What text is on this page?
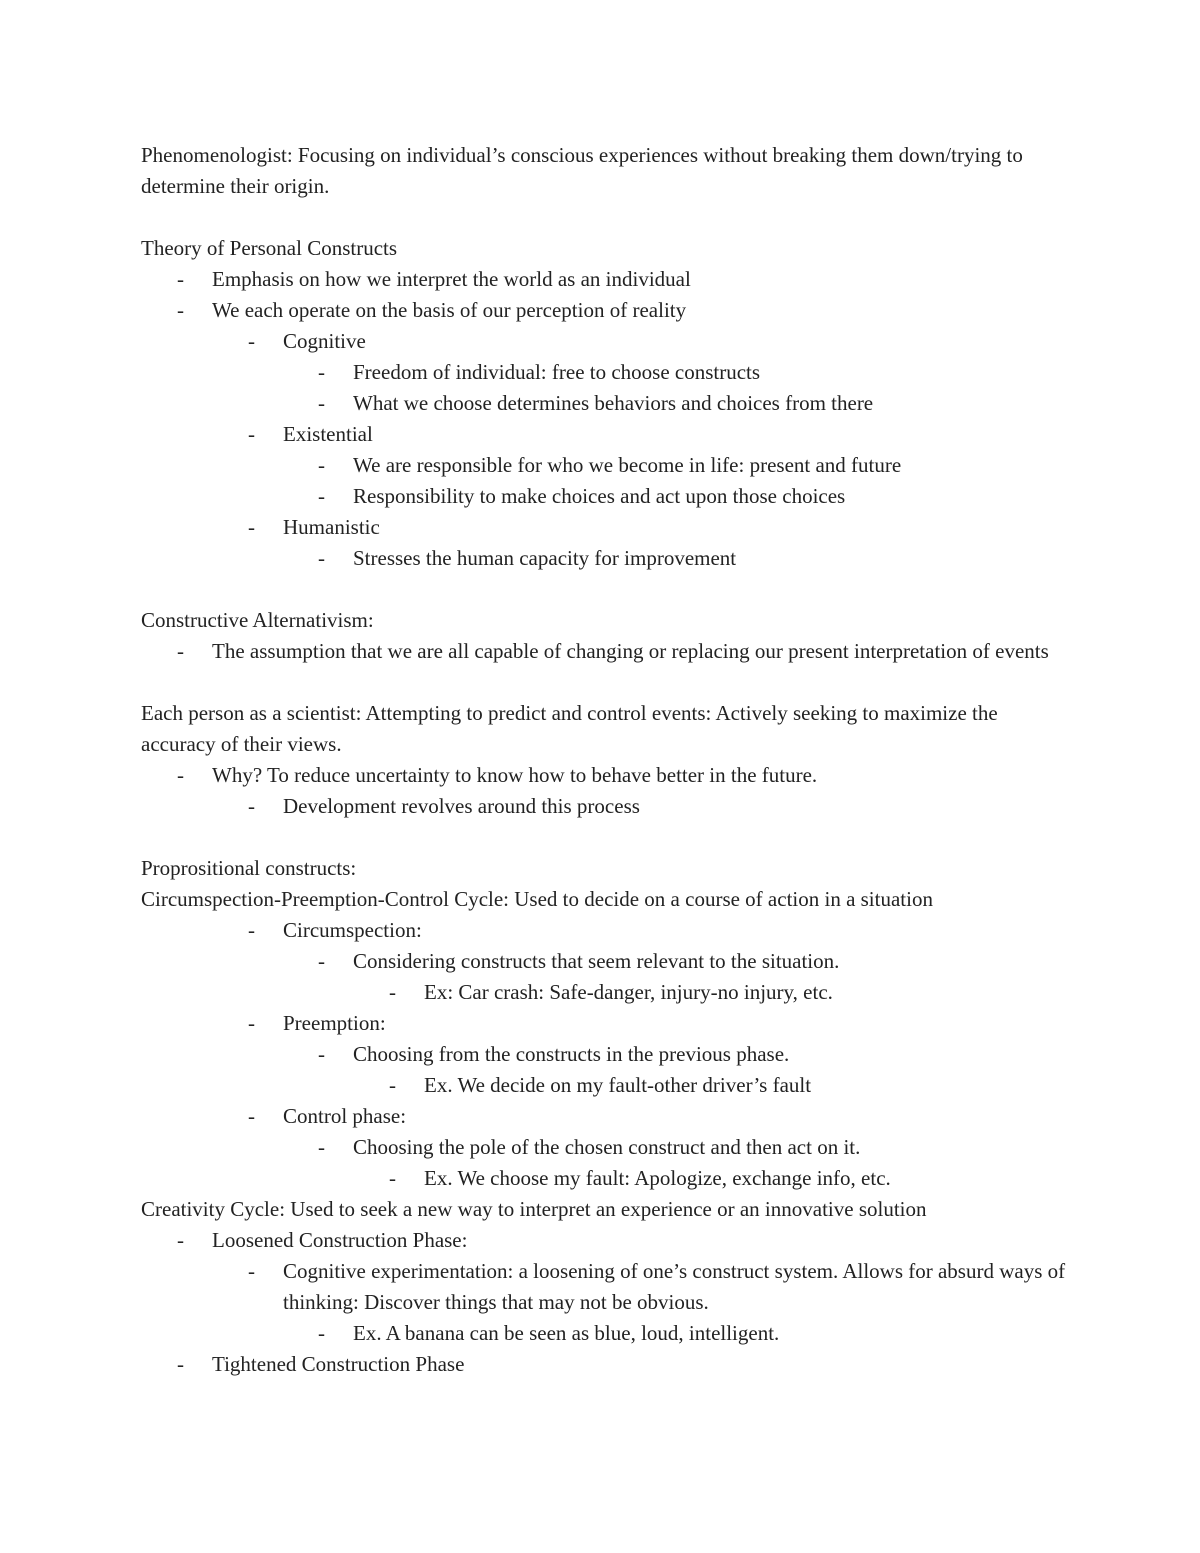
Phenomenologist: Focusing on individual’s conscious experiences without breaking them down/trying to determine their origin.

Theory of Personal Constructs

- Emphasis on how we interpret the world as an individual

- We each operate on the basis of our perception of reality

- Cognitive

- Freedom of individual: free to choose constructs

- What we choose determines behaviors and choices from there

- Existential

- We are responsible for who we become in life: present and future

- Responsibility to make choices and act upon those choices

- Humanistic

- Stresses the human capacity for improvement

Constructive Alternativism:

- The assumption that we are all capable of changing or replacing our present interpretation of events

Each person as a scientist: Attempting to predict and control events: Actively seeking to maximize the accuracy of their views.

- Why? To reduce uncertainty to know how to behave better in the future.

- Development revolves around this process

Proprositional constructs:

Circumspection-Preemption-Control Cycle: Used to decide on a course of action in a situation

- Circumspection:

- Considering constructs that seem relevant to the situation.

- Ex: Car crash: Safe-danger, injury-no injury, etc.

- Preemption:

- Choosing from the constructs in the previous phase.

- Ex. We decide on my fault-other driver’s fault

- Control phase:

- Choosing the pole of the chosen construct and then act on it.

- Ex. We choose my fault: Apologize, exchange info, etc.

Creativity Cycle: Used to seek a new way to interpret an experience or an innovative solution

- Loosened Construction Phase:

- Cognitive experimentation: a loosening of one’s construct system. Allows for absurd ways of thinking: Discover things that may not be obvious.

- Ex. A banana can be seen as blue, loud, intelligent.

- Tightened Construction Phase
